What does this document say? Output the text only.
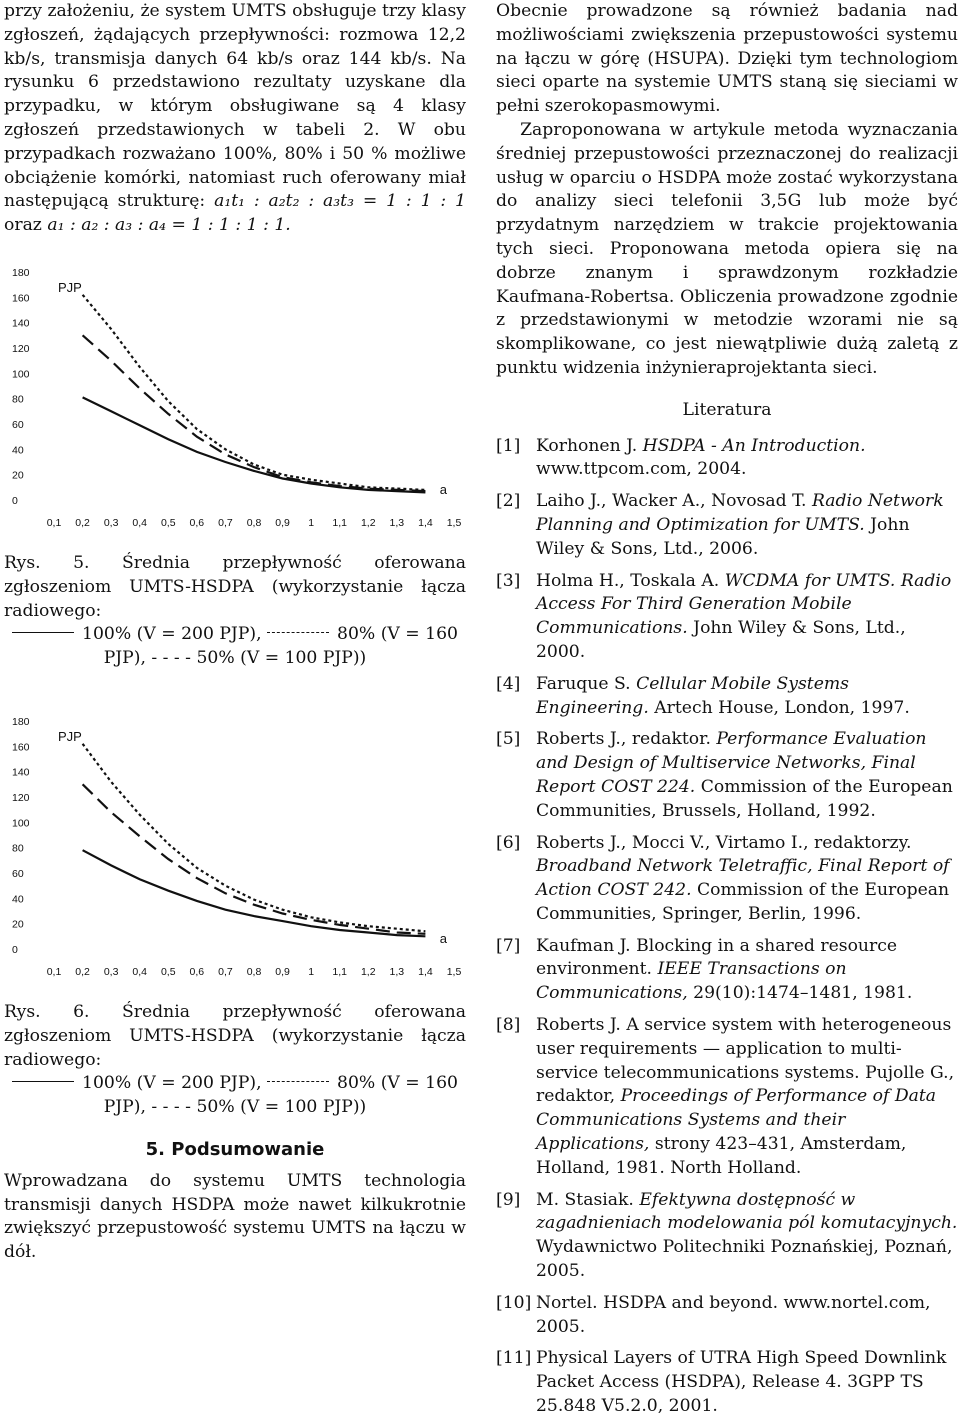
przy założeniu, że system UMTS obsługuje trzy klasy zgłoszeń, żądających przepływności: rozmowa 12,2 kb/s, transmisja danych 64 kb/s oraz 144 kb/s. Na rysunku 6 przedstawiono rezultaty uzyskane dla przypadku, w którym obsługiwane są 4 klasy zgłoszeń przedstawionych w tabeli 2. W obu przypadkach rozważano 100%, 80% i 50 % możliwe obciążenie komórki, natomiast ruch oferowany miał następującą strukturę: a₁t₁ : a₂t₂ : a₃t₃ = 1 : 1 : 1 oraz a₁ : a₂ : a₃ : a₄ = 1 : 1 : 1 : 1.

0
20
40
60
80
100
120
140
160
180
0,1 0,2 0,3 0,4 0,5 0,6 0,7 0,8 0,9 1 1,1 1,2 1,3 1,4 1,5
PJP
a

Rys. 5. Średnia przepływność oferowana zgłoszeniom UMTS-HSDPA (wykorzystanie łącza radiowego:
100% (V = 200 PJP),	80% (V = 160 PJP), - - - - 50% (V = 100 PJP))

0
20
40
60
80
100
120
140
160
180
0,1 0,2 0,3 0,4 0,5 0,6 0,7 0,8 0,9 1 1,1 1,2 1,3 1,4 1,5
PJP
a

Rys. 6. Średnia przepływność oferowana zgłoszeniom UMTS-HSDPA (wykorzystanie łącza radiowego:
100% (V = 200 PJP),	80% (V = 160 PJP), - - - - 50% (V = 100 PJP))

5. Podsumowanie

Wprowadzana do systemu UMTS technologia transmisji danych HSDPA może nawet kilkukrotnie zwiększyć przepustowość systemu UMTS na łączu w dół.

Obecnie prowadzone są również badania nad możliwościami zwiększenia przepustowości systemu na łączu w górę (HSUPA). Dzięki tym technologiom sieci oparte na systemie UMTS staną się sieciami w pełni szerokopasmowymi.

Zaproponowana w artykule metoda wyznaczania średniej przepustowości przeznaczonej do realizacji usług w oparciu o HSDPA może zostać wykorzystana do analizy sieci telefonii 3,5G lub może być przydatnym narzędziem w trakcie projektowania tych sieci. Proponowana metoda opiera się na dobrze znanym i sprawdzonym rozkładzie Kaufmana-Robertsa. Obliczenia prowadzone zgodnie z przedstawionymi w metodzie wzorami nie są skomplikowane, co jest niewątpliwie dużą zaletą z punktu widzenia inżynieraprojektanta sieci.

Literatura
[1] Korhonen J. HSDPA - An Introduction. www.ttpcom.com, 2004.
[2] Laiho J., Wacker A., Novosad T. Radio Network Planning and Optimization for UMTS. John Wiley & Sons, Ltd., 2006.
[3] Holma H., Toskala A. WCDMA for UMTS. Radio Access For Third Generation Mobile Communications. John Wiley & Sons, Ltd., 2000.
[4] Faruque S. Cellular Mobile Systems Engineering. Artech House, London, 1997.
[5] Roberts J., redaktor. Performance Evaluation and Design of Multiservice Networks, Final Report COST 224. Commission of the European Communities, Brussels, Holland, 1992.
[6] Roberts J., Mocci V., Virtamo I., redaktorzy. Broadband Network Teletraffic, Final Report of Action COST 242. Commission of the European Communities, Springer, Berlin, 1996.
[7] Kaufman J. Blocking in a shared resource environment. IEEE Transactions on Communications, 29(10):1474–1481, 1981.
[8] Roberts J. A service system with heterogeneous user requirements — application to multi-service telecommunications systems. Pujolle G., redaktor, Proceedings of Performance of Data Communications Systems and their Applications, strony 423–431, Amsterdam, Holland, 1981. North Holland.
[9] M. Stasiak. Efektywna dostępność w zagadnieniach modelowania pól komutacyjnych. Wydawnictwo Politechniki Poznańskiej, Poznań, 2005.
[10] Nortel. HSDPA and beyond. www.nortel.com, 2005.
[11] Physical Layers of UTRA High Speed Downlink Packet Access (HSDPA), Release 4. 3GPP TS 25.848 V5.2.0, 2001.
